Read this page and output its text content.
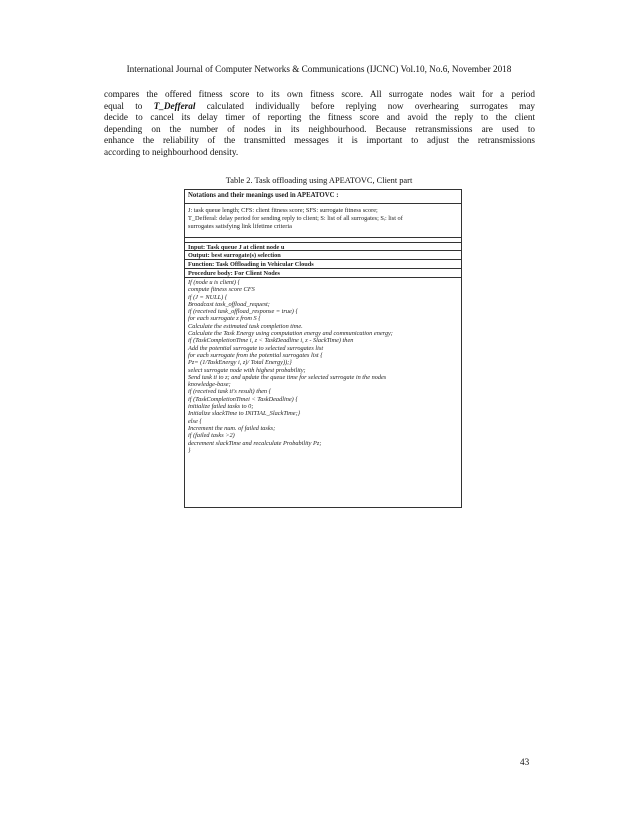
International Journal of Computer Networks & Communications (IJCNC) Vol.10, No.6, November 2018
compares the offered fitness score to its own fitness score. All surrogate nodes wait for a period
equal to T_Defferal calculated individually before replying now overhearing surrogates may
decide to cancel its delay timer of reporting the fitness score and avoid the reply to the client
depending on the number of nodes in its neighbourhood. Because retransmissions are used to
enhance the reliability of the transmitted messages it is important to adjust the retransmissions
according to neighbourhood density.
Table 2. Task offloading using APEATOVC, Client part
Notations and their meanings used in APEATOVC :
J: task queue length; CFS: client fitness score; SFS: surrogate fitness score;
T_Defferal: delay period for sending reply to client; S: list of all surrogates; Sᵢ: list of
surrogates satisfying link lifetime criteria
Input: Task queue J at client node u
Output: best surrogate(s) selection
Function: Task Offloading in Vehicular Clouds
Procedure body: For Client Nodes
If (node u is client) {
compute fitness score CFS
if (J = NULL) {
Broadcast task_offload_request;
if (received task_offload_response = true) {
for each surrogate z from S {
Calculate the estimated task completion time.
Calculate the Task Energy using computation energy and communication energy;
if (TaskCompletionTime i, z < TaskDeadline i, z - SlackTime) then
Add the potential surrogate to selected surrogates list
for each surrogate from the potential surrogates list {
Pz= (1/TaskEnergy i, z)/ Total Energy));}
select surrogate node with highest probability;
Send task ti to z; and update the queue time for selected surrogate in the nodes
knowledge-base;
if (received task ti's result) then {
if (TaskCompletionTimei < TaskDeadline) {
initialize failed tasks to 0;
Initialize slackTime to INITIAL_SlackTime;}
else {
Increment the num. of failed tasks;
if (failed tasks >2)
decrement slackTime and recalculate Probability Pz;
}
43
